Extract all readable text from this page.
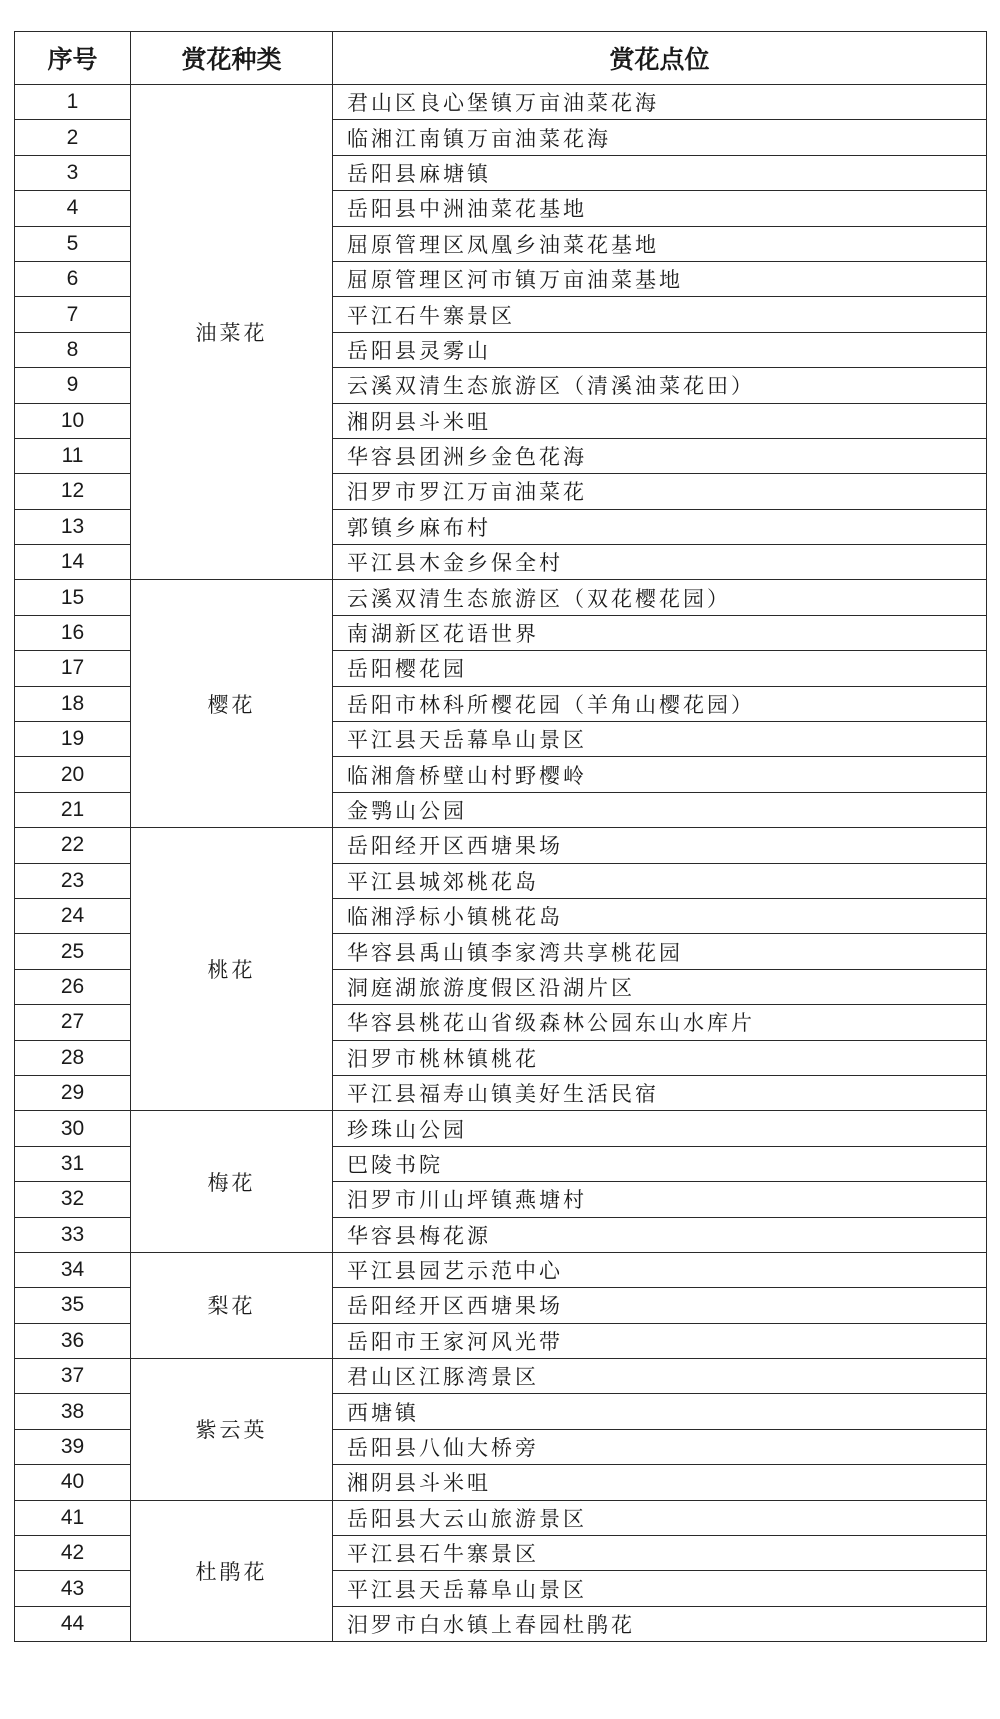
序号	赏花种类	赏花点位
1	油菜花	君山区良心堡镇万亩油菜花海
2		临湘江南镇万亩油菜花海
3		岳阳县麻塘镇
4		岳阳县中洲油菜花基地
5		屈原管理区凤凰乡油菜花基地
6		屈原管理区河市镇万亩油菜基地
7		平江石牛寨景区
8		岳阳县灵雾山
9		云溪双清生态旅游区（清溪油菜花田）
10		湘阴县斗米咀
11		华容县团洲乡金色花海
12		汨罗市罗江万亩油菜花
13		郭镇乡麻布村
14		平江县木金乡保全村
15	樱花	云溪双清生态旅游区（双花樱花园）
16		南湖新区花语世界
17		岳阳樱花园
18		岳阳市林科所樱花园（羊角山樱花园）
19		平江县天岳幕阜山景区
20		临湘詹桥壁山村野樱岭
21		金鹗山公园
22	桃花	岳阳经开区西塘果场
23		平江县城郊桃花岛
24		临湘浮标小镇桃花岛
25		华容县禹山镇李家湾共享桃花园
26		洞庭湖旅游度假区沿湖片区
27		华容县桃花山省级森林公园东山水库片
28		汨罗市桃林镇桃花
29		平江县福寿山镇美好生活民宿
30	梅花	珍珠山公园
31		巴陵书院
32		汨罗市川山坪镇燕塘村
33		华容县梅花源
34	梨花	平江县园艺示范中心
35		岳阳经开区西塘果场
36		岳阳市王家河风光带
37	紫云英	君山区江豚湾景区
38		西塘镇
39		岳阳县八仙大桥旁
40		湘阴县斗米咀
41	杜鹃花	岳阳县大云山旅游景区
42		平江县石牛寨景区
43		平江县天岳幕阜山景区
44		汨罗市白水镇上春园杜鹃花
